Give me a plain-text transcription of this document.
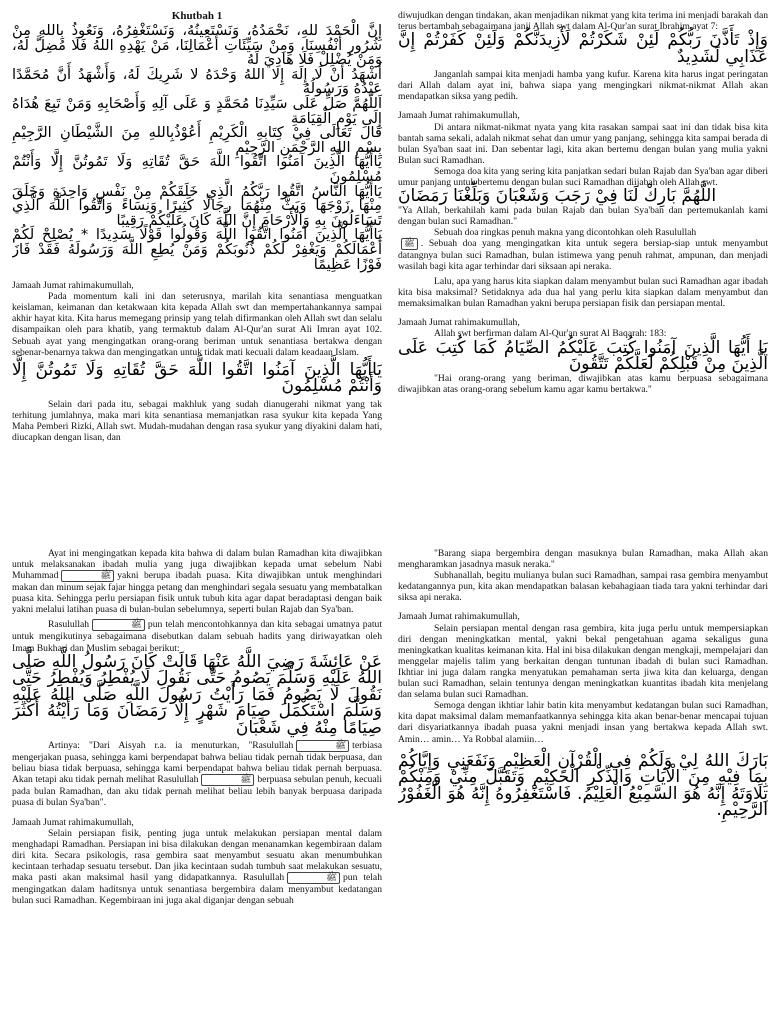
Khutbah 1

إِنَّ الْحَمْدَ للهِ، نَحْمَدُهُ، وَنَسْتَعِينُهُ، وَنَسْتَغْفِرُهُ، وَنَعُوذُ بِاللهِ مِنْ شُرُورِ أَنْفُسِنَا، وَمِنْ سَيِّئَاتِ أَعْمَالِنَا، مَنْ يَهْدِهِ اللهُ فَلَا مُضِلَّ لَهُ، وَمَنْ يُضْلِلْ فَلَا هَادِيَ لَهُ

أَشْهَدُ أَنْ لَا إِلَهَ إِلا اللهُ وَحْدَهُ لا شَرِيكَ لَهُ، وَأَشْهَدُ أَنَّ مُحَمَّدًا عَبْدُهُ وَرَسُولُهُ

اَللَّهُمَّ صَلِّ عَلَى سَيِّدِنَا مُحَمَّدٍ وَ عَلَى آلِهِ وَأَصْحَابِهِ وَمَنْ تَبِعَ هُدَاهُ إِلَى يَوْمِ الْقِيَامَةِ

قَالَ تَعَالَى فِيْ كِتَابِهِ الْكَرِيْمِ أَعُوْذُبِاللهِ مِنَ الشَّيْطَانِ الرَّجِيْمِ بِسْمِ اللهِ الرَّحْمَنِ الرَّحِيْمِ

يَاأَيُّهَا الَّذِينَ آمَنُوا اتَّقُوا اللَّهَ حَقَّ تُقَاتِهِ وَلَا تَمُوتُنَّ إِلَّا وَأَنْتُمْ مُسْلِمُونَ

يَاأَيُّهَا النَّاسُ اتَّقُوا رَبَّكُمُ الَّذِي خَلَقَكُمْ مِنْ نَفْسٍ وَاحِدَةٍ وَخَلَقَ مِنْهَا زَوْجَهَا وَبَثَّ مِنْهُمَا رِجَالًا كَثِيرًا وَنِسَاءً وَاتَّقُوا اللَّهَ الَّذِي تَسَاءَلُونَ بِهِ وَالْأَرْحَامَ إِنَّ اللَّهَ كَانَ عَلَيْكُمْ رَقِيبًا

يَاأَيُّهَا الَّذِينَ آمَنُوا اتَّقُوا اللَّهَ وَقُولُوا قَوْلًا سَدِيدًا * يُصْلِحْ لَكُمْ أَعْمَالَكُمْ وَيَغْفِرْ لَكُمْ ذُنُوبَكُمْ وَمَنْ يُطِعِ اللَّهَ وَرَسُولَهُ فَقَدْ فَازَ فَوْزًا عَظِيمًا

Jamaah Jumat rahimakumullah,

Pada momentum kali ini dan seterusnya, marilah kita senantiasa menguatkan keislaman, keimanan dan ketakwaan kita kepada Allah swt dan mempertahankannya sampai akhir hayat kita. Kita harus memegang prinsip yang telah difirmankan oleh Allah swt dan selalu disampaikan oleh para khatib, yang termaktub dalam Al-Qur'an surat Ali Imran ayat 102. Sebuah ayat yang mengingatkan orang-orang beriman untuk senantiasa bertakwa dengan sebenar-benarnya takwa dan mengingatkan untuk tidak mati kecuali dalam keadaan Islam.

يَاأَيُّهَا الَّذِينَ آمَنُوا اتَّقُوا اللَّهَ حَقَّ تُقَاتِهِ وَلَا تَمُوتُنَّ إِلَّا وَأَنْتُمْ مُسْلِمُونَ

Selain dari pada itu, sebagai makhluk yang sudah dianugerahi nikmat yang tak terhitung jumlahnya, maka mari kita senantiasa memanjatkan rasa syukur kita kepada Yang Maha Pemberi Rizki, Allah swt. Mudah-mudahan dengan rasa syukur yang diyakini dalam hati, diucapkan dengan lisan, dan

diwujudkan dengan tindakan, akan menjadikan nikmat yang kita terima ini menjadi barakah dan terus bertambah sebagaimana janji Allah swt dalam Al-Qur'an surat Ibrahim ayat 7:

وَإِذْ تَأَذَّنَ رَبُّكُمْ لَئِنْ شَكَرْتُمْ لَأَزِيدَنَّكُمْ وَلَئِنْ كَفَرْتُمْ إِنَّ عَذَابِي لَشَدِيدٌ

Janganlah sampai kita menjadi hamba yang kufur. Karena kita harus ingat peringatan dari Allah dalam ayat ini, bahwa siapa yang mengingkari nikmat-nikmat Allah akan mendapatkan siksa yang pedih.

Jamaah Jumat rahimakumullah,

Di antara nikmat-nikmat nyata yang kita rasakan sampai saat ini dan tidak bisa kita bantah sama sekali, adalah nikmat sehat dan umur yang panjang, sehingga kita sampai berada di bulan Sya'ban saat ini. Dan sebentar lagi, kita akan bertemu dengan bulan yang mulia yakni Bulan suci Ramadhan.

Semoga doa kita yang sering kita panjatkan sedari bulan Rajab dan Sya'ban agar diberi umur panjang untuk bertemu dengan bulan suci Ramadhan diijabah oleh Allah swt.

اللَّهُمَّ بَارِكْ لَنَا فِيْ رَجَبَ وَشَعْبَانَ وَبَلِّغْنَا رَمَضَانَ

"Ya Allah, berkahilah kami pada bulan Rajab dan bulan Sya'ban dan pertemukanlah kami dengan bulan suci Ramadhan."

Sebuah doa ringkas penuh makna yang dicontohkan oleh Rasulullah

ﷺ . Sebuah doa yang mengingatkan kita untuk segera bersiap-siap untuk menyambut datangnya bulan suci Ramadhan, bulan istimewa yang penuh rahmat, ampunan, dan menjadi wasilah bagi kita agar terhindar dari siksaan api neraka.

Lalu, apa yang harus kita siapkan dalam menyambut bulan suci Ramadhan agar ibadah kita bisa maksimal? Setidaknya ada dua hal yang perlu kita siapkan dalam menyambut dan memaksimalkan bulan Ramadhan yakni berupa persiapan fisik dan persiapan mental.

Jamaah Jumat rahimakumullah,

Allah swt berfirman dalam Al-Qur'an surat Al Baqarah: 183:

يَا أَيُّهَا الَّذِينَ آمَنُوا كُتِبَ عَلَيْكُمُ الصِّيَامُ كَمَا كُتِبَ عَلَى الَّذِينَ مِنْ قَبْلِكُمْ لَعَلَّكُمْ تَتَّقُونَ

"Hai orang-orang yang beriman, diwajibkan atas kamu berpuasa sebagaimana diwajibkan atas orang-orang sebelum kamu agar kamu bertakwa."

Ayat ini mengingatkan kepada kita bahwa di dalam bulan Ramadhan kita diwajibkan untuk melaksanakan ibadah mulia yang juga diwajibkan kepada umat sebelum Nabi Muhammad	ﷺ yakni berupa ibadah puasa. Kita diwajibkan untuk menghindari makan dan minum sejak fajar hingga petang dan menghindari segala sesuatu yang membatalkan puasa kita. Sehingga perlu persiapan fisik untuk tubuh kita agar dapat beradaptasi dengan baik yakni melalui latihan puasa di bulan-bulan sebelumnya, seperti bulan Rajab dan Sya'ban.

Rasulullah	ﷺ pun telah mencontohkannya dan kita sebagai umatnya patut untuk mengikutinya sebagaimana disebutkan dalam sebuah hadits yang diriwayatkan oleh Imam Bukhari dan Muslim sebagai berikut:

عَنْ عَائِشَةَ رَضِيَ اللَّهُ عَنْهَا قَالَتْ كَانَ رَسُولُ اللَّهِ صَلَّى اللهُ عَلَيْهِ وَسَلَّمَ يَصُومُ حَتَّى نَقُولَ لَا يُفْطِرُ وَيُفْطِرُ حَتَّى نَقُولَ لَا يَصُومُ فَمَا رَأَيْتُ رَسُولَ اللَّهِ صَلَّى اللهُ عَلَيْهِ وَسَلَّمَ اسْتَكْمَلَ صِيَامَ شَهْرٍ إِلَّا رَمَضَانَ وَمَا رَأَيْتُهُ أَكْثَرَ صِيَامًا مِنْهُ فِي شَعْبَانَ

Artinya: "Dari Aisyah r.a. ia menuturkan, "Rasulullah	ﷺ terbiasa mengerjakan puasa, sehingga kami berpendapat bahwa beliau tidak pernah tidak berpuasa, dan beliau biasa tidak berpuasa, sehingga kami berpendapat bahwa beliau tidak pernah berpuasa. Akan tetapi aku tidak pernah melihat Rasulullah	ﷺ berpuasa sebulan penuh, kecuali pada bulan Ramadhan, dan aku tidak pernah melihat beliau lebih banyak berpuasa daripada puasa di bulan Sya'ban".

Jamaah Jumat rahimakumullah,

Selain persiapan fisik, penting juga untuk melakukan persiapan mental dalam menghadapi Ramadhan. Persiapan ini bisa dilakukan dengan menanamkan kegembiraan dalam diri kita. Secara psikologis, rasa gembira saat menyambut sesuatu akan menumbuhkan kecintaan terhadap sesuatu tersebut. Dan jika kecintaan sudah tumbuh saat melakukan sesuatu, maka pasti akan maksimal hasil yang didapatkannya. Rasulullah	ﷺ pun telah mengingatkan dalam haditsnya untuk senantiasa bergembira dalam menyambut kedatangan bulan suci Ramadhan. Kegembiraan ini juga akal diganjar dengan sebuah

"Barang siapa bergembira dengan masuknya bulan Ramadhan, maka Allah akan mengharamkan jasadnya masuk neraka."

Subhanallah, begitu mulianya bulan suci Ramadhan, sampai rasa gembira menyambut kedatangannya pun, kita akan mendapatkan balasan kebahagiaan tiada tara yakni terhindar dari siksa api neraka.

Jamaah Jumat rahimakumullah,

Selain persiapan mental dengan rasa gembira, kita juga perlu untuk mempersiapkan diri dengan meningkatkan mental, yakni bekal pengetahuan agama sekaligus guna meningkatkan kualitas keimanan kita. Hal ini bisa dilakukan dengan mengkaji, mempelajari dan menggelar majelis talim yang berkaitan dengan tuntunan ibadah di bulan suci Ramadhan. Ikhtiar ini juga dalam rangka menyatukan pemahaman serta jiwa kita dan keluarga, dengan bulan suci Ramadhan, selain tentunya dengan meningkatkan kuantitas ibadah kita menjelang dan selama bulan suci Ramadhan.

Semoga dengan ikhtiar lahir batin kita menyambut kedatangan bulan suci Ramadhan, kita dapat maksimal dalam memanfaatkannya sehingga kita akan benar-benar mencapai tujuan dari disyariatkannya ibadah puasa yakni menjadi insan yang bertakwa kepada Allah swt. Amin… amin… Ya Robbal alamiin…

بَارَكَ اللهُ لِيْ وَلَكُمْ فِي الْقُرْآنِ الْعَظِيْمِ وَنَفَعَنِي وَإِيَّاكُمْ بِمَا فِيْهِ مِنَ الْآيَاتِ وَالذِّكْرِ الْحَكِيْمِ وَتَقَبَّلَ مِنِّيْ وَمِنْكُمْ تِلَاوَتَهُ إِنَّهُ هُوَ السَّمِيْعُ الْعَلِيْمُ. فَاسْتَغْفِرُوهُ إِنَّهُ هُوَ الْغَفُوْرُ الرَّحِيْمِ.
